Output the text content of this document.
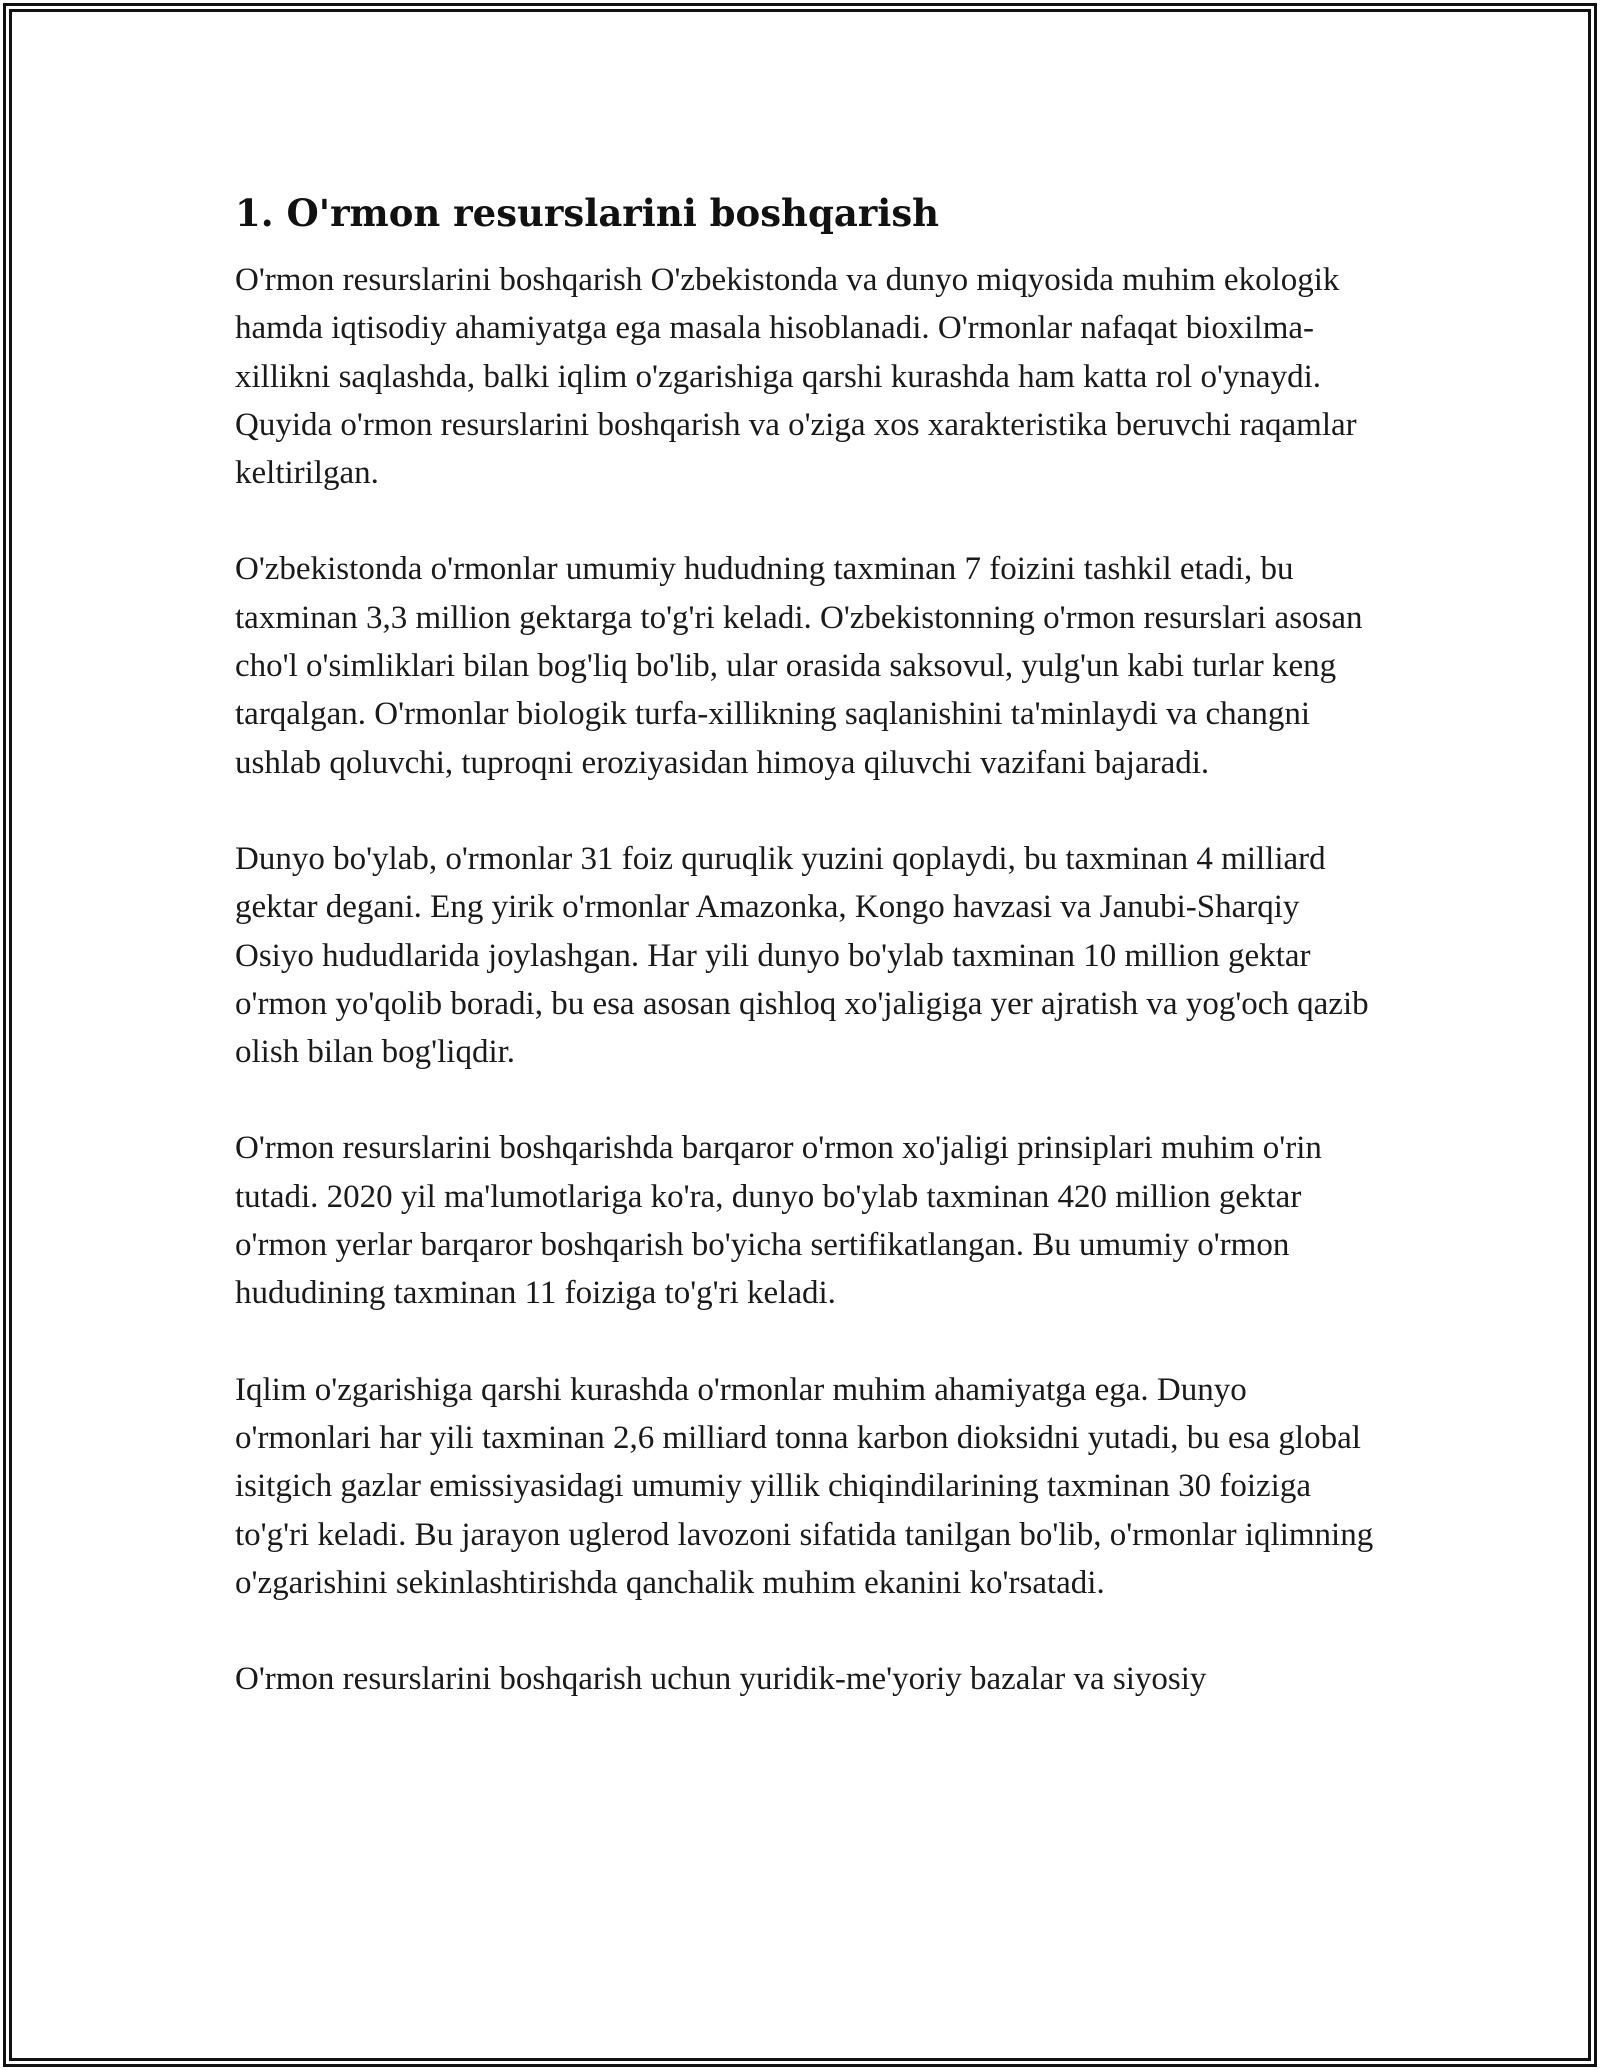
1. O'rmon resurslarini boshqarish

O'rmon resurslarini boshqarish O'zbekistonda va dunyo miqyosida muhim ekologik hamda iqtisodiy ahamiyatga ega masala hisoblanadi. O'rmonlar nafaqat bioxilma-xillikni saqlashda, balki iqlim o'zgarishiga qarshi kurashda ham katta rol o'ynaydi. Quyida o'rmon resurslarini boshqarish va o'ziga xos xarakteristika beruvchi raqamlar keltirilgan.

O'zbekistonda o'rmonlar umumiy hududning taxminan 7 foizini tashkil etadi, bu taxminan 3,3 million gektarga to'g'ri keladi. O'zbekistonning o'rmon resurslari asosan cho'l o'simliklari bilan bog'liq bo'lib, ular orasida saksovul, yulg'un kabi turlar keng tarqalgan. O'rmonlar biologik turfa-xillikning saqlanishini ta'minlaydi va changni ushlab qoluvchi, tuproqni eroziyasidan himoya qiluvchi vazifani bajaradi.

Dunyo bo'ylab, o'rmonlar 31 foiz quruqlik yuzini qoplaydi, bu taxminan 4 milliard gektar degani. Eng yirik o'rmonlar Amazonka, Kongo havzasi va Janubi-Sharqiy Osiyo hududlarida joylashgan. Har yili dunyo bo'ylab taxminan 10 million gektar o'rmon yo'qolib boradi, bu esa asosan qishloq xo'jaligiga yer ajratish va yog'och qazib olish bilan bog'liqdir.

O'rmon resurslarini boshqarishda barqaror o'rmon xo'jaligi prinsiplari muhim o'rin tutadi. 2020 yil ma'lumotlariga ko'ra, dunyo bo'ylab taxminan 420 million gektar o'rmon yerlar barqaror boshqarish bo'yicha sertifikatlangan. Bu umumiy o'rmon hududining taxminan 11 foiziga to'g'ri keladi.

Iqlim o'zgarishiga qarshi kurashda o'rmonlar muhim ahamiyatga ega. Dunyo o'rmonlari har yili taxminan 2,6 milliard tonna karbon dioksidni yutadi, bu esa global isitgich gazlar emissiyasidagi umumiy yillik chiqindilarining taxminan 30 foiziga to'g'ri keladi. Bu jarayon uglerod lavozoni sifatida tanilgan bo'lib, o'rmonlar iqlimning o'zgarishini sekinlashtirishda qanchalik muhim ekanini ko'rsatadi.

O'rmon resurslarini boshqarish uchun yuridik-me'yoriy bazalar va siyosiy
